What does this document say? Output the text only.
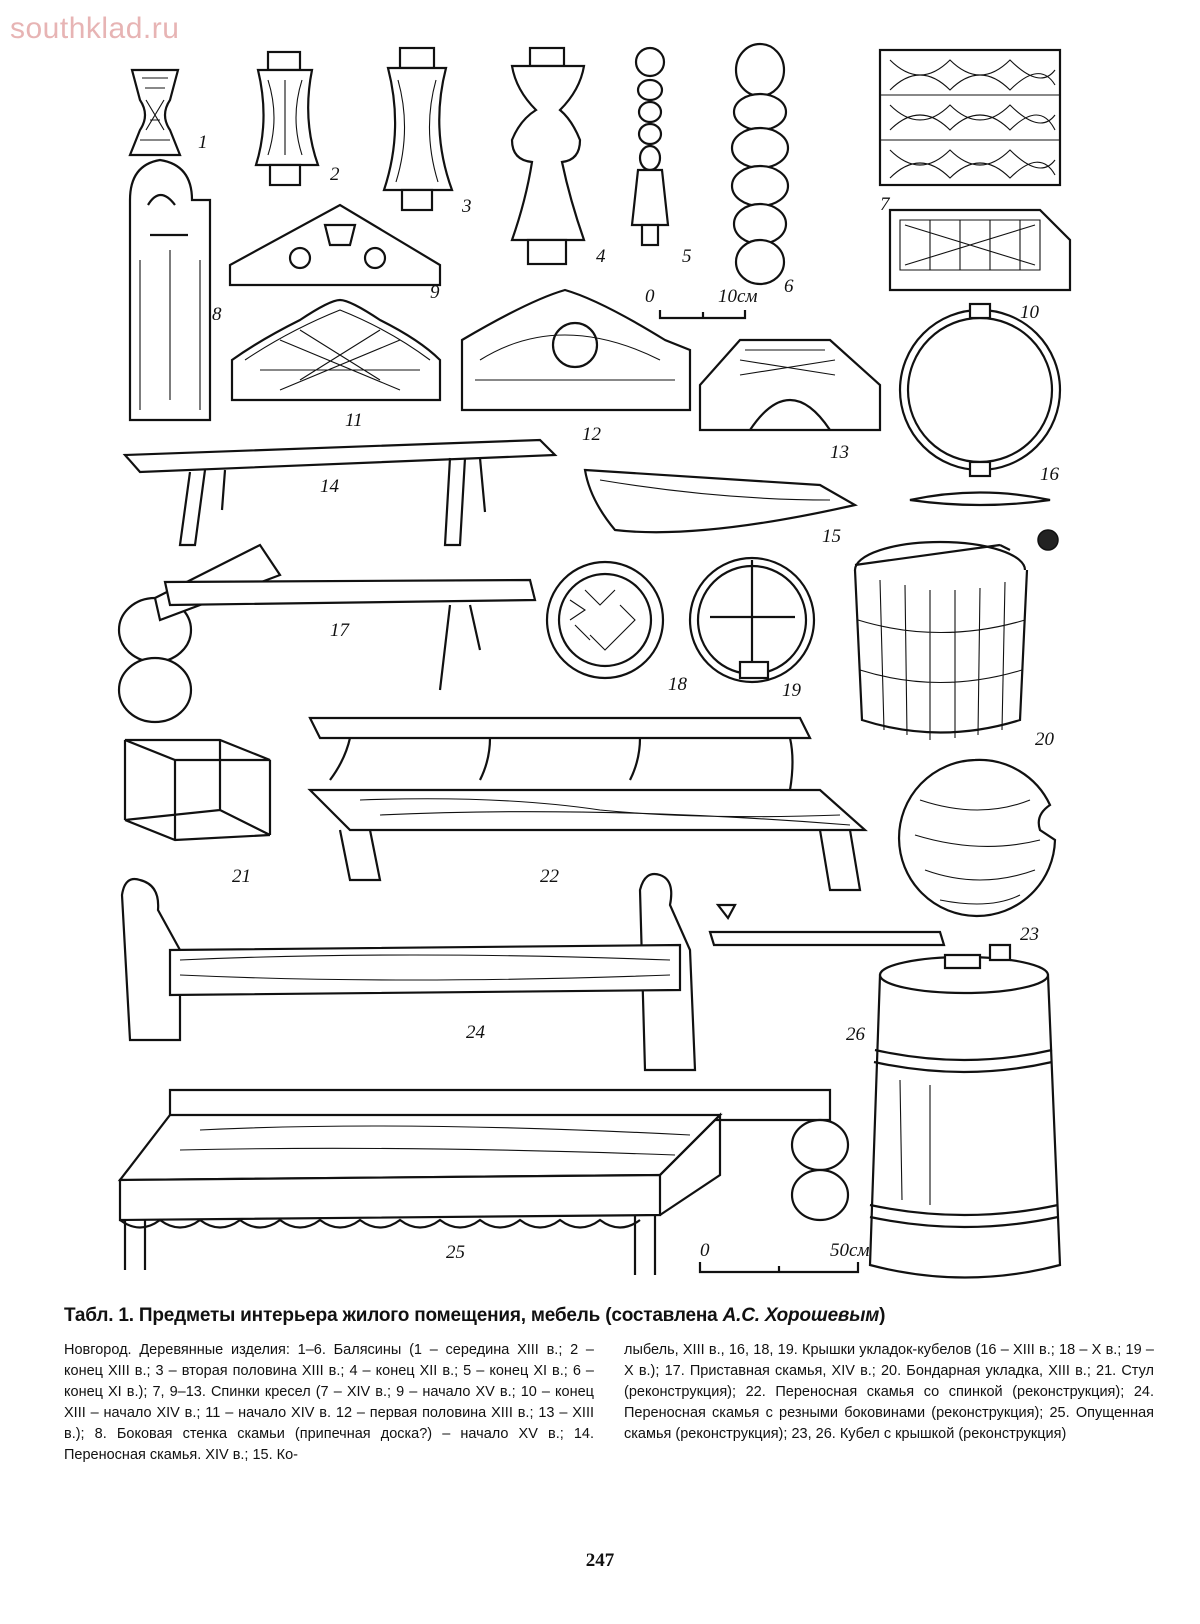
southklad.ru
0	10см
0	50см
1
2
3
4	5
6
7
8
9
10
11
12
13
14
15
16
17
18	19
20
21	22
23
24
25
26
Табл. 1. Предметы интерьера жилого помещения, мебель (составлена А.С. Хорошевым)
Новгород. Деревянные изделия: 1–6. Балясины (1 – середина XIII в.; 2 – конец XIII в.; 3 – вторая половина XIII в.; 4 – конец XII в.; 5 – конец XI в.; 6 – конец XI в.); 7, 9–13. Спинки кресел (7 – XIV в.; 9 – начало XV в.; 10 – конец XIII – начало XIV в.; 11 – начало XIV в. 12 – первая половина XIII в.; 13 – XIII в.); 8. Боковая стенка скамьи (припечная доска?) – начало XV в.; 14. Переносная скамья. XIV в.; 15. Ко-
лыбель, XIII в., 16, 18, 19. Крышки укладок-кубелов (16 – XIII в.; 18 – X в.; 19 – X в.); 17. Приставная скамья, XIV в.; 20. Бондарная укладка, XIII в.; 21. Стул (реконструкция); 22. Переносная скамья со спинкой (реконструкция); 24. Переносная скамья с резными боковинами (реконструкция); 25. Опущенная скамья (реконструкция); 23, 26. Кубел с крышкой (реконструкция)
247
